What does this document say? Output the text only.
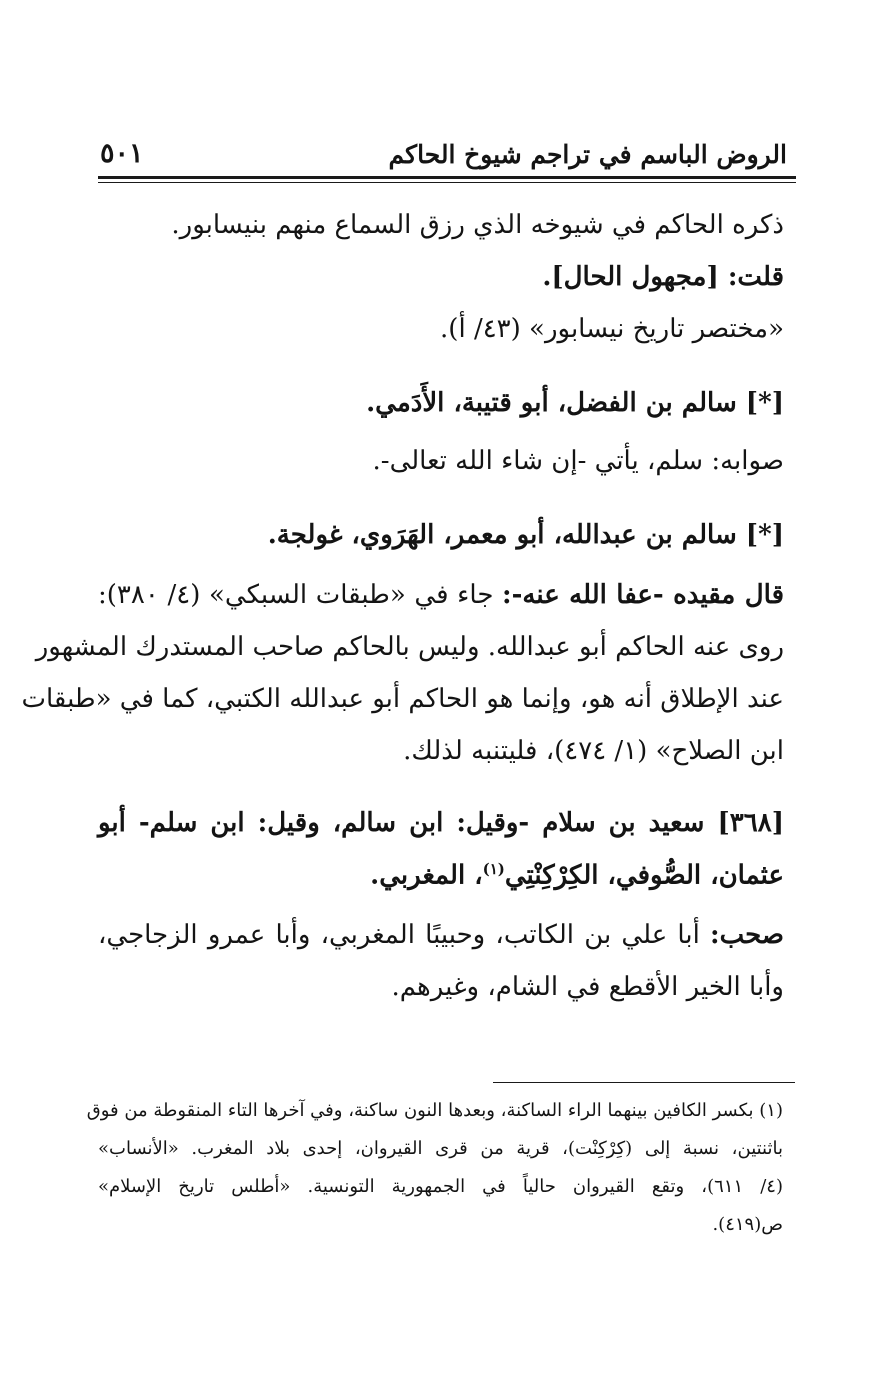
الروض الباسم في تراجم شيوخ الحاكم
٥٠١
ذكره الحاكم في شيوخه الذي رزق السماع منهم بنيسابور.
قلت: [مجهول الحال].
«مختصر تاريخ نيسابور» (٤٣/ أ).
[*] سالم بن الفضل، أبو قتيبة، الأَدَمي.
صوابه: سلم، يأتي -إن شاء الله تعالى-.
[*] سالم بن عبدالله، أبو معمر، الهَرَوي، غولجة.
قال مقيده -عفا الله عنه-: جاء في «طبقات السبكي» (٤/ ٣٨٠):
روى عنه الحاكم أبو عبدالله. وليس بالحاكم صاحب المستدرك المشهور
عند الإطلاق أنه هو، وإنما هو الحاكم أبو عبدالله الكتبي، كما في «طبقات
ابن الصلاح» (١/ ٤٧٤)، فليتنبه لذلك.
[٣٦٨] سعيد بن سلام -وقيل: ابن سالم، وقيل: ابن سلم- أبو
عثمان، الصُّوفي، الكِرْكِنْتِي$^{(١)}$، المغربي.
صحب: أبا علي بن الكاتب، وحبيبًا المغربي، وأبا عمرو الزجاجي،
وأبا الخير الأقطع في الشام، وغيرهم.
(١) بكسر الكافين بينهما الراء الساكنة، وبعدها النون ساكنة، وفي آخرها التاء المنقوطة من فوق
باثنتين، نسبة إلى (كِرْكِنْت)، قرية من قرى القيروان، إحدى بلاد المغرب. «الأنساب»
(٤/ ٦١١)، وتقع القيروان حالياً في الجمهورية التونسية. «أطلس تاريخ الإسلام»
ص(٤١٩).
